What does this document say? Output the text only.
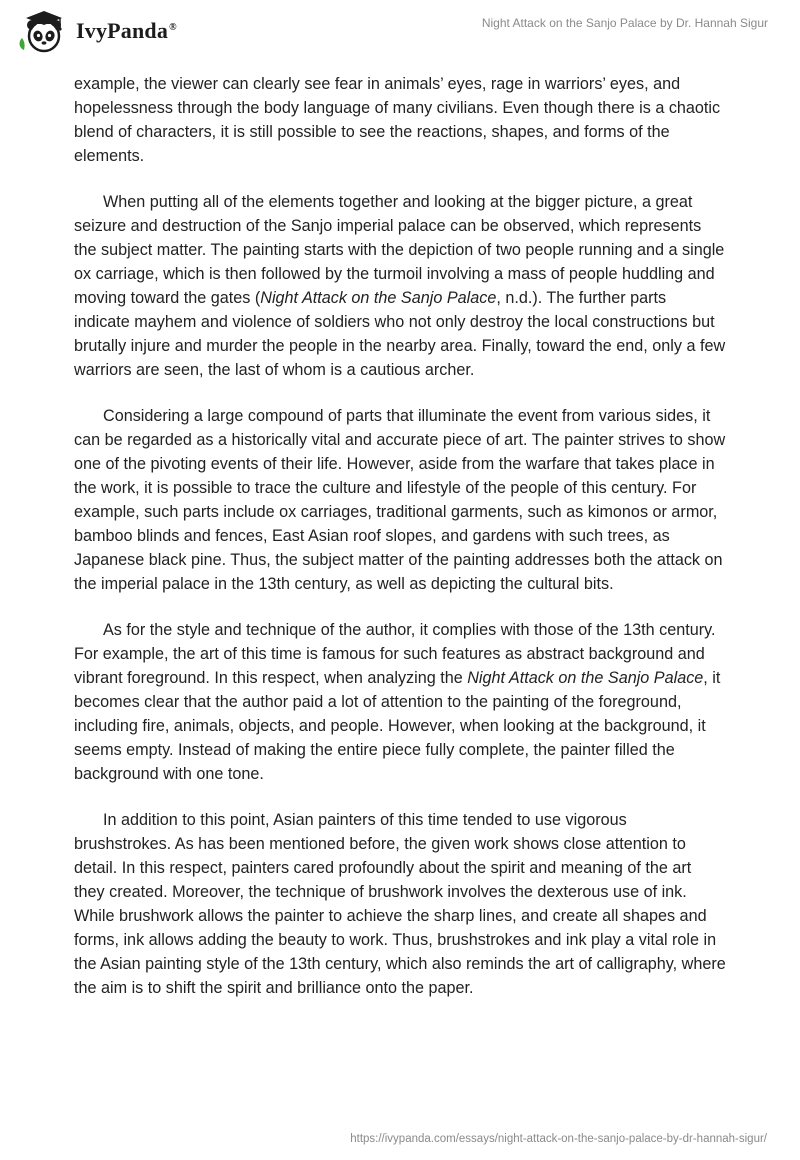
IvyPanda®	Night Attack on the Sanjo Palace by Dr. Hannah Sigur

example, the viewer can clearly see fear in animals’ eyes, rage in warriors’ eyes, and hopelessness through the body language of many civilians. Even though there is a chaotic blend of characters, it is still possible to see the reactions, shapes, and forms of the elements.

When putting all of the elements together and looking at the bigger picture, a great seizure and destruction of the Sanjo imperial palace can be observed, which represents the subject matter. The painting starts with the depiction of two people running and a single ox carriage, which is then followed by the turmoil involving a mass of people huddling and moving toward the gates (Night Attack on the Sanjo Palace, n.d.). The further parts indicate mayhem and violence of soldiers who not only destroy the local constructions but brutally injure and murder the people in the nearby area. Finally, toward the end, only a few warriors are seen, the last of whom is a cautious archer.

Considering a large compound of parts that illuminate the event from various sides, it can be regarded as a historically vital and accurate piece of art. The painter strives to show one of the pivoting events of their life. However, aside from the warfare that takes place in the work, it is possible to trace the culture and lifestyle of the people of this century. For example, such parts include ox carriages, traditional garments, such as kimonos or armor, bamboo blinds and fences, East Asian roof slopes, and gardens with such trees, as Japanese black pine. Thus, the subject matter of the painting addresses both the attack on the imperial palace in the 13th century, as well as depicting the cultural bits.

As for the style and technique of the author, it complies with those of the 13th century. For example, the art of this time is famous for such features as abstract background and vibrant foreground. In this respect, when analyzing the Night Attack on the Sanjo Palace, it becomes clear that the author paid a lot of attention to the painting of the foreground, including fire, animals, objects, and people. However, when looking at the background, it seems empty. Instead of making the entire piece fully complete, the painter filled the background with one tone.

In addition to this point, Asian painters of this time tended to use vigorous brushstrokes. As has been mentioned before, the given work shows close attention to detail. In this respect, painters cared profoundly about the spirit and meaning of the art they created. Moreover, the technique of brushwork involves the dexterous use of ink. While brushwork allows the painter to achieve the sharp lines, and create all shapes and forms, ink allows adding the beauty to work. Thus, brushstrokes and ink play a vital role in the Asian painting style of the 13th century, which also reminds the art of calligraphy, where the aim is to shift the spirit and brilliance onto the paper.

https://ivypanda.com/essays/night-attack-on-the-sanjo-palace-by-dr-hannah-sigur/
